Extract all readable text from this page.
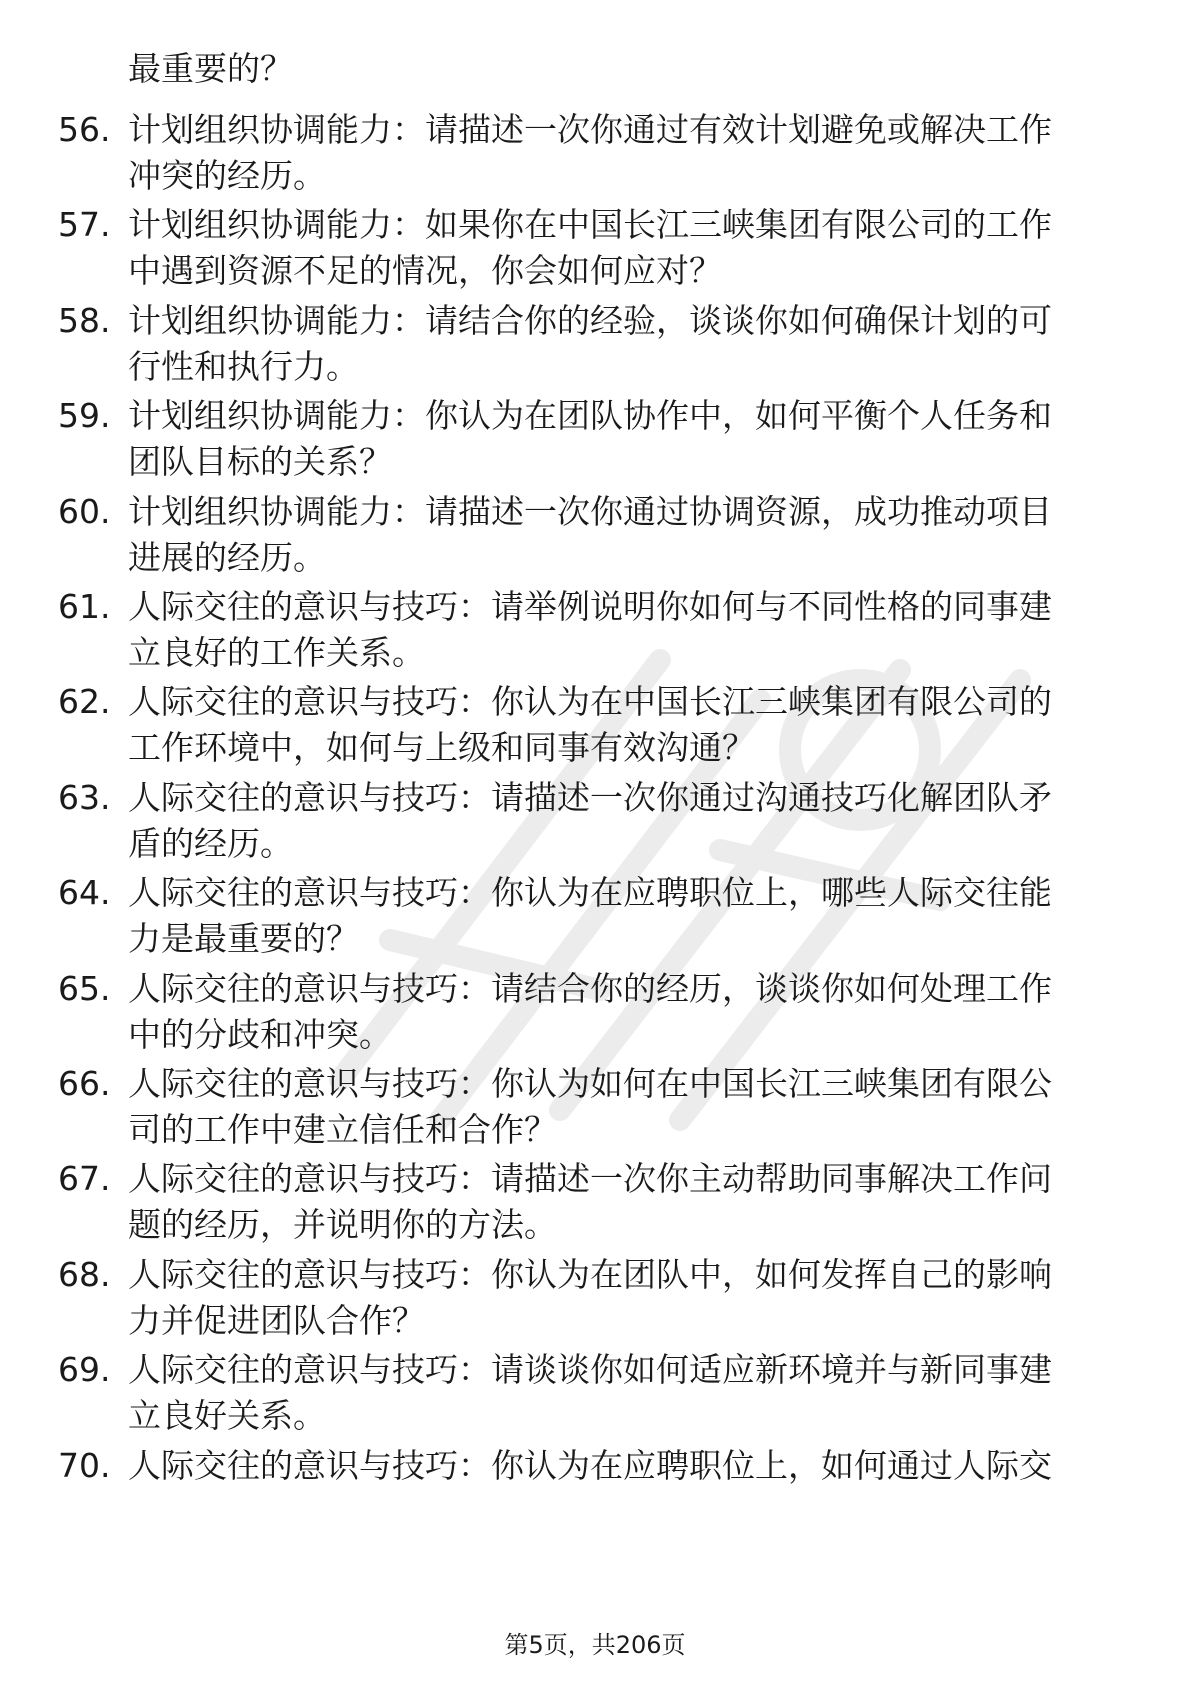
最重要的？
56. 计划组织协调能力：请描述一次你通过有效计划避免或解决工作
冲突的经历。
57. 计划组织协调能力：如果你在中国长江三峡集团有限公司的工作
中遇到资源不足的情况，你会如何应对？
58. 计划组织协调能力：请结合你的经验，谈谈你如何确保计划的可
行性和执行力。
59. 计划组织协调能力：你认为在团队协作中，如何平衡个人任务和
团队目标的关系？
60. 计划组织协调能力：请描述一次你通过协调资源，成功推动项目
进展的经历。
61. 人际交往的意识与技巧：请举例说明你如何与不同性格的同事建
立良好的工作关系。
62. 人际交往的意识与技巧：你认为在中国长江三峡集团有限公司的
工作环境中，如何与上级和同事有效沟通？
63. 人际交往的意识与技巧：请描述一次你通过沟通技巧化解团队矛
盾的经历。
64. 人际交往的意识与技巧：你认为在应聘职位上，哪些人际交往能
力是最重要的？
65. 人际交往的意识与技巧：请结合你的经历，谈谈你如何处理工作
中的分歧和冲突。
66. 人际交往的意识与技巧：你认为如何在中国长江三峡集团有限公
司的工作中建立信任和合作？
67. 人际交往的意识与技巧：请描述一次你主动帮助同事解决工作问
题的经历，并说明你的方法。
68. 人际交往的意识与技巧：你认为在团队中，如何发挥自己的影响
力并促进团队合作？
69. 人际交往的意识与技巧：请谈谈你如何适应新环境并与新同事建
立良好关系。
70. 人际交往的意识与技巧：你认为在应聘职位上，如何通过人际交
第5页，共206页
